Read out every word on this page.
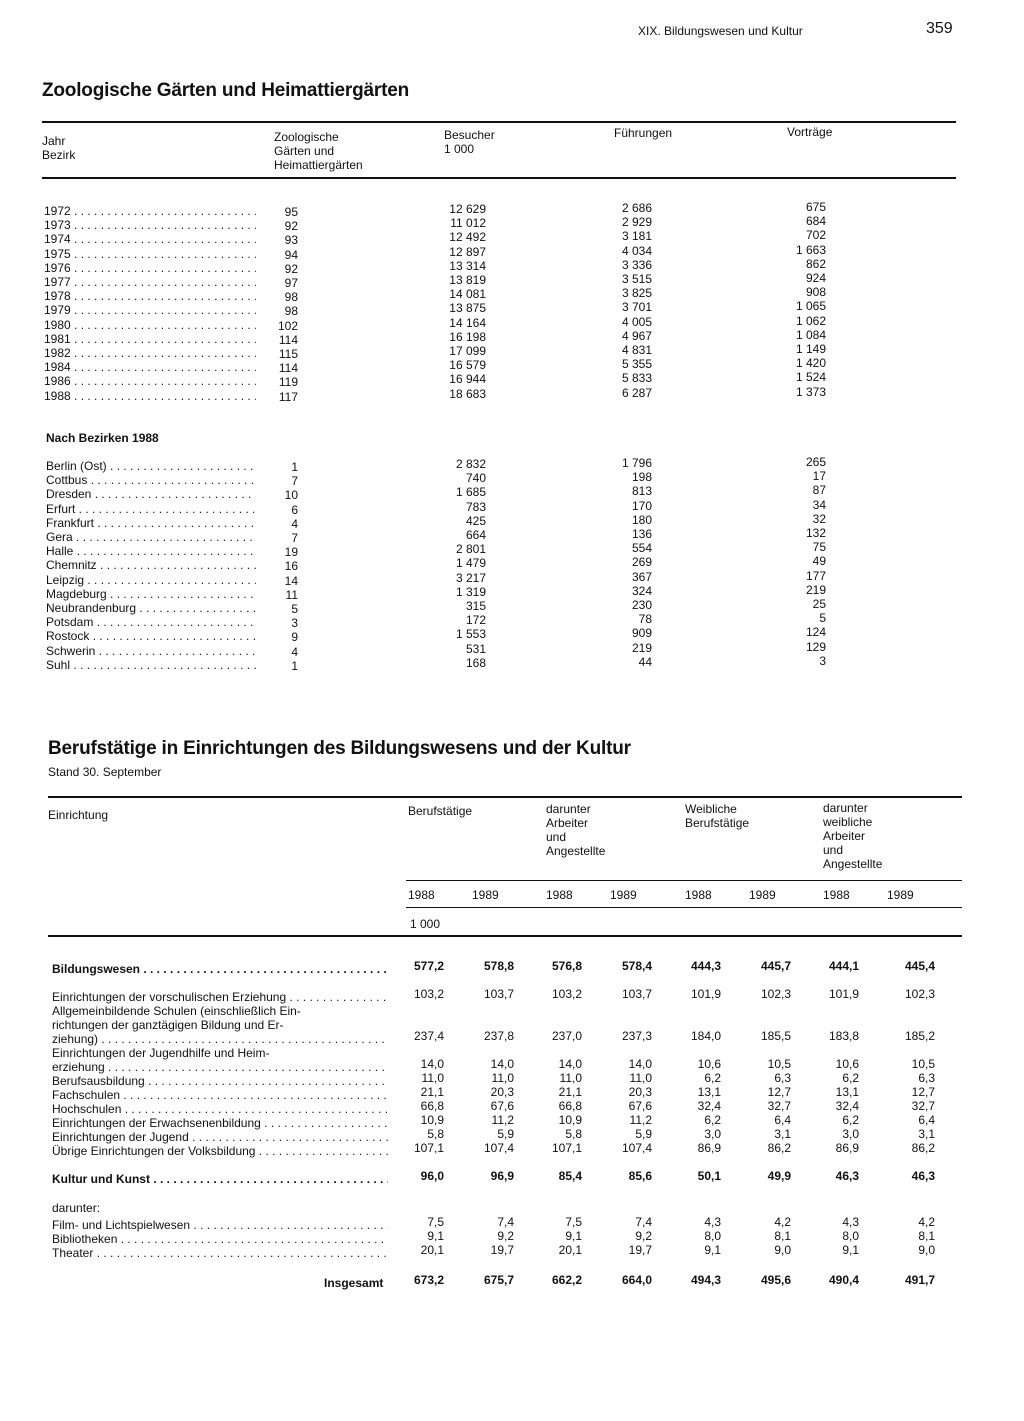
XIX. Bildungswesen und Kultur	359
Zoologische Gärten und Heimattiergärten
Jahr
Bezirk
Zoologische
Gärten und
Heimattiergärten
Besucher
1 000
Führungen	Vorträge
1972 . . .	95	12 629	2 686	675
1973 . . .	92	11 012	2 929	684
1974 . . .	93	12 492	3 181	702
1975 . . .	94	12 897	4 034	1 663
1976 . . .	92	13 314	3 336	862
1977 . . .	97	13 819	3 515	924
1978 . . .	98	14 081	3 825	908
1979 . . .	98	13 875	3 701	1 065
1980 . . .	102	14 164	4 005	1 062
1981 . . .	114	16 198	4 967	1 084
1982 . . .	115	17 099	4 831	1 149
1984 . . .	114	16 579	5 355	1 420
1986 . . .	119	16 944	5 833	1 524
1988 . . .	117	18 683	6 287	1 373
Nach Bezirken 1988
Berlin (Ost) . . .	1	2 832	1 796	265
Cottbus . . .	7	740	198	17
Dresden . . .	10	1 685	813	87
Erfurt . . .	6	783	170	34
Frankfurt . . .	4	425	180	32
Gera . . .	7	664	136	132
Halle . . .	19	2 801	554	75
Chemnitz . . .	16	1 479	269	49
Leipzig . . .	14	3 217	367	177
Magdeburg . . .	11	1 319	324	219
Neubrandenburg . . .	5	315	230	25
Potsdam . . .	3	172	78	5
Rostock . . .	9	1 553	909	124
Schwerin . . .	4	531	219	129
Suhl . . .	1	168	44	3
Berufstätige in Einrichtungen des Bildungswesens und der Kultur
Stand 30. September
Einrichtung	Berufstätige	darunter
Arbeiter
und
Angestellte
Weibliche
Berufstätige
darunter
weibliche
Arbeiter
und
Angestellte
1988	1989	1988	1989	1988	1989	1988	1989
1 000
Bildungswesen . . .	577,2	578,8	576,8	578,4	444,3	445,7	444,1	445,4
Einrichtungen der vorschulischen Erziehung . . .	103,2	103,7	103,2	103,7	101,9	102,3	101,9	102,3
Allgemeinbildende Schulen (einschließlich Ein-
richtungen der ganztägigen Bildung und Er-
ziehung) . . .	237,4	237,8	237,0	237,3	184,0	185,5	183,8	185,2
Einrichtungen der Jugendhilfe und Heim-
erziehung . . .	14,0	14,0	14,0	14,0	10,6	10,5	10,6	10,5
Berufsausbildung . . .	11,0	11,0	11,0	11,0	6,2	6,3	6,2	6,3
Fachschulen . . .	21,1	20,3	21,1	20,3	13,1	12,7	13,1	12,7
Hochschulen . . .	66,8	67,6	66,8	67,6	32,4	32,7	32,4	32,7
Einrichtungen der Erwachsenenbildung . . .	10,9	11,2	10,9	11,2	6,2	6,4	6,2	6,4
Einrichtungen der Jugend . . .	5,8	5,9	5,8	5,9	3,0	3,1	3,0	3,1
Übrige Einrichtungen der Volksbildung . . .	107,1	107,4	107,1	107,4	86,9	86,2	86,9	86,2
Kultur und Kunst . . .	96,0	96,9	85,4	85,6	50,1	49,9	46,3	46,3
darunter:
Film- und Lichtspielwesen . . .	7,5	7,4	7,5	7,4	4,3	4,2	4,3	4,2
Bibliotheken . . .	9,1	9,2	9,1	9,2	8,0	8,1	8,0	8,1
Theater . . .	20,1	19,7	20,1	19,7	9,1	9,0	9,1	9,0
Insgesamt	673,2	675,7	662,2	664,0	494,3	495,6	490,4	491,7
